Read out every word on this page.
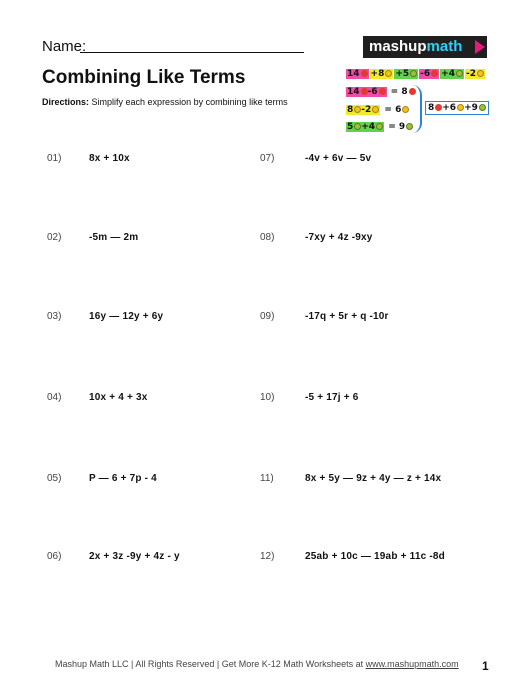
Name:	mashupmath
Combining Like Terms
Directions: Simplify each expression by combining like terms
14 +8 +5 -6 +4 -2
14 -6 = 8
8 -2 = 6
5 +4 = 9
8 +6 +9
01)	8x + 10x
02)	-5m — 2m
03)	16y — 12y + 6y
04)	10x + 4 + 3x
05)	P — 6 + 7p - 4
06)	2x + 3z -9y + 4z - y
07)	-4v + 6v — 5v
08)	-7xy + 4z -9xy
09)	-17q + 5r + q -10r
10)	-5 + 17j + 6
11)	8x + 5y — 9z + 4y — z + 14x
12)	25ab + 10c — 19ab + 11c -8d
Mashup Math LLC | All Rights Reserved | Get More K-12 Math Worksheets at www.mashupmath.com 1
